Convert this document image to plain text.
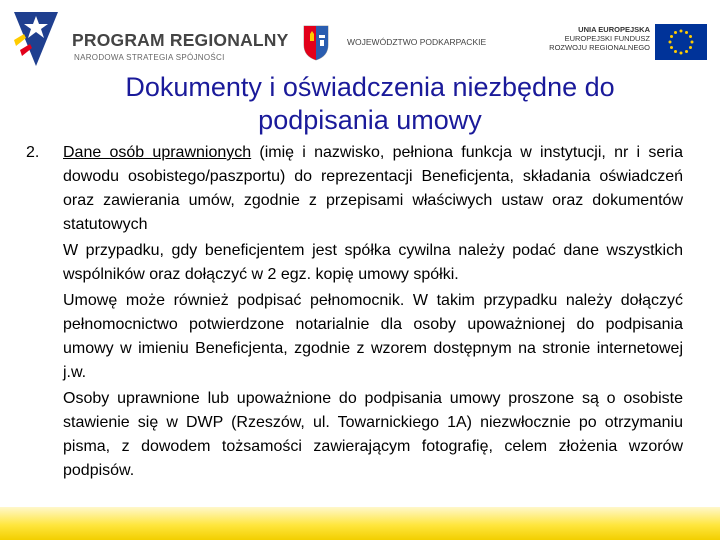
PROGRAM REGIONALNY
NARODOWA STRATEGIA SPÓJNOŚCI
WOJEWÓDZTWO PODKARPACKIE
UNIA EUROPEJSKA
EUROPEJSKI FUNDUSZ
ROZWOJU REGIONALNEGO
Dokumenty i oświadczenia niezbędne do
podpisania umowy
2.	Dane osób uprawnionych (imię i nazwisko, pełniona funkcja w instytucji, nr i seria dowodu osobistego/paszportu) do reprezentacji Beneficjenta, składania oświadczeń oraz zawierania umów, zgodnie z przepisami właściwych ustaw oraz dokumentów statutowych
W przypadku, gdy beneficjentem jest spółka cywilna należy podać dane wszystkich wspólników oraz dołączyć w 2 egz. kopię umowy spółki.
Umowę może również podpisać pełnomocnik. W takim przypadku należy dołączyć pełnomocnictwo potwierdzone notarialnie dla osoby upoważnionej do podpisania umowy w imieniu Beneficjenta, zgodnie z wzorem dostępnym na stronie internetowej j.w.
Osoby uprawnione lub upoważnione do podpisania umowy proszone są o osobiste stawienie się w DWP (Rzeszów, ul. Towarnickiego 1A) niezwłocznie po otrzymaniu pisma, z dowodem tożsamości zawierającym fotografię, celem złożenia wzorów podpisów.
